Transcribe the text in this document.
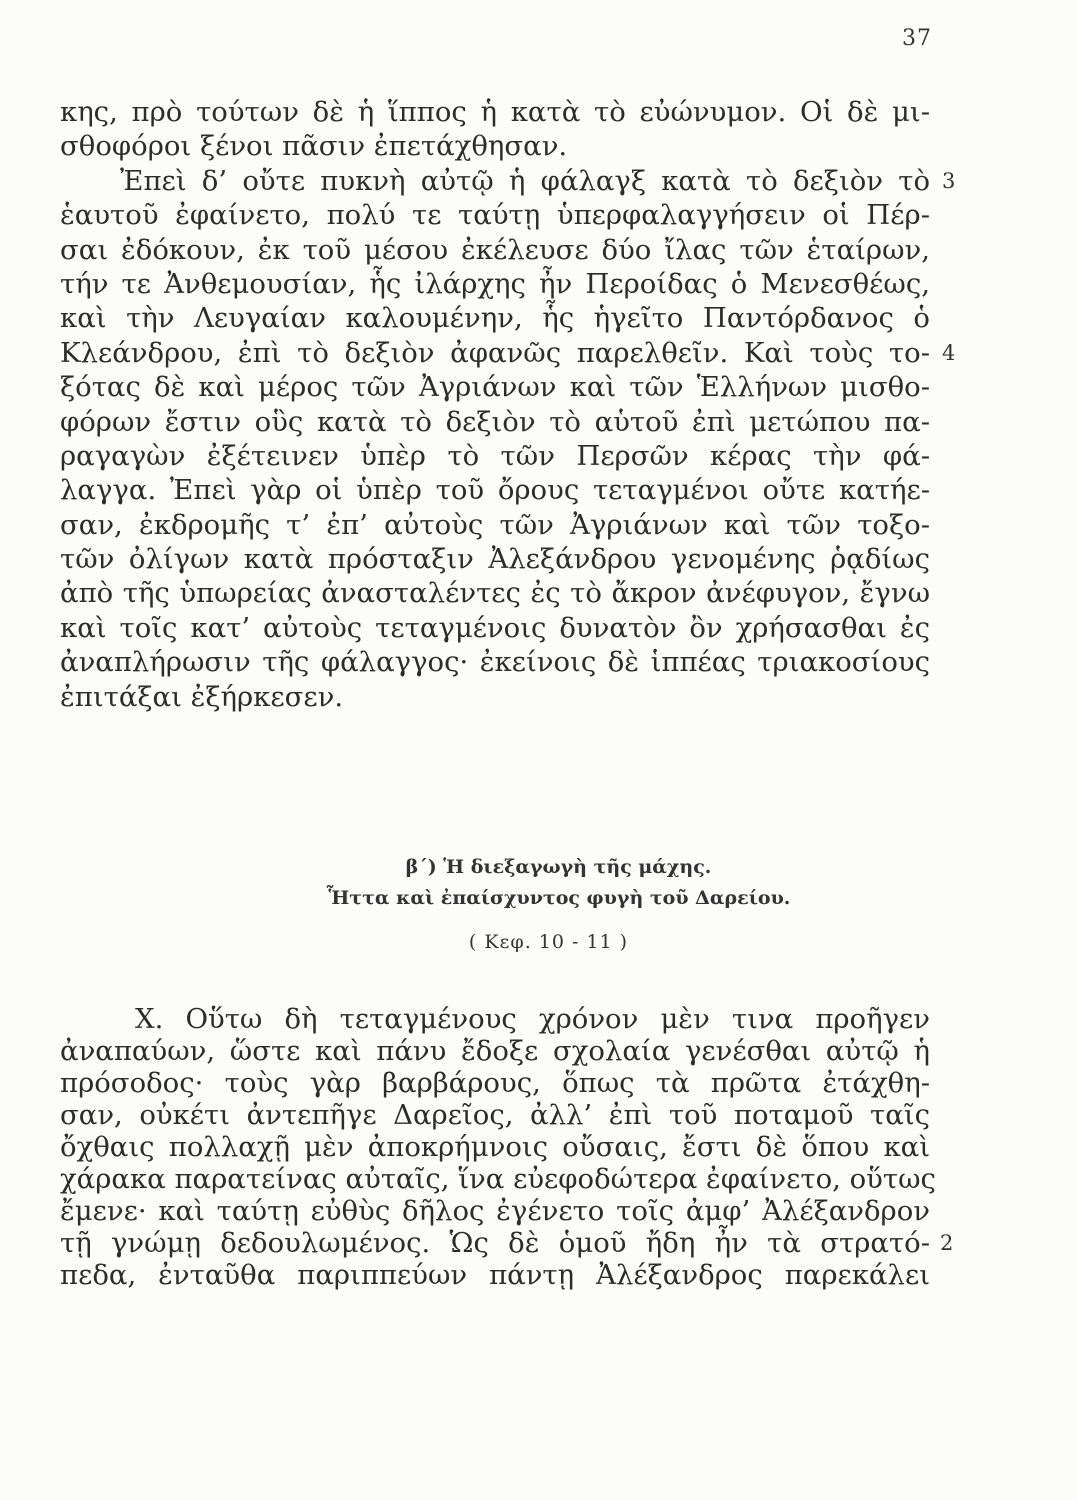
37
κης, πρὸ τούτων δὲ ἡ ἵππος ἡ κατὰ τὸ εὐώνυμον. Οἱ δὲ μι-
σθοφόροι ξένοι πᾶσιν ἐπετάχθησαν.
Ἐπεὶ δ’ οὔτε πυκνὴ αὐτῷ ἡ φάλαγξ κατὰ τὸ δεξιὸν τὸ 3
ἑαυτοῦ ἐφαίνετο, πολύ τε ταύτῃ ὑπερφαλαγγήσειν οἱ Πέρ-
σαι ἐδόκουν, ἐκ τοῦ μέσου ἐκέλευσε δύο ἴλας τῶν ἑταίρων,
τήν τε Ἀνθεμουσίαν, ἧς ἰλάρχης ἦν Περοίδας ὁ Μενεσθέως,
καὶ τὴν Λευγαίαν καλουμένην, ἧς ἡγεῖτο Παντόρδανος ὁ
Κλεάνδρου, ἐπὶ τὸ δεξιὸν ἀφανῶς παρελθεῖν. Καὶ τοὺς το- 4
ξότας δὲ καὶ μέρος τῶν Ἀγριάνων καὶ τῶν Ἑλλήνων μισθο-
φόρων ἔστιν οὓς κατὰ τὸ δεξιὸν τὸ αὑτοῦ ἐπὶ μετώπου πα-
ραγαγὼν ἐξέτεινεν ὑπὲρ τὸ τῶν Περσῶν κέρας τὴν φά-
λαγγα. Ἐπεὶ γὰρ οἱ ὑπὲρ τοῦ ὄρους τεταγμένοι οὔτε κατήε-
σαν, ἐκδρομῆς τ’ ἐπ’ αὐτοὺς τῶν Ἀγριάνων καὶ τῶν τοξο-
τῶν ὀλίγων κατὰ πρόσταξιν Ἀλεξάνδρου γενομένης ῥᾳδίως
ἀπὸ τῆς ὑπωρείας ἀνασταλέντες ἐς τὸ ἄκρον ἀνέφυγον, ἔγνω
καὶ τοῖς κατ’ αὐτοὺς τεταγμένοις δυνατὸν ὂν χρήσασθαι ἐς
ἀναπλήρωσιν τῆς φάλαγγος· ἐκείνοις δὲ ἱππέας τριακοσίους
ἐπιτάξαι ἐξήρκεσεν.
β΄) Ἡ διεξαγωγὴ τῆς μάχης.
Ἧττα καὶ ἐπαίσχυντος φυγὴ τοῦ Δαρείου.
( Κεφ. 10 - 11 )
X. Οὕτω δὴ τεταγμένους χρόνον μὲν τινα προῆγεν
ἀναπαύων, ὥστε καὶ πάνυ ἔδοξε σχολαία γενέσθαι αὐτῷ ἡ
πρόσοδος· τοὺς γὰρ βαρβάρους, ὅπως τὰ πρῶτα ἐτάχθη-
σαν, οὐκέτι ἀντεπῆγε Δαρεῖος, ἀλλ’ ἐπὶ τοῦ ποταμοῦ ταῖς
ὄχθαις πολλαχῇ μὲν ἀποκρήμνοις οὔσαις, ἔστι δὲ ὅπου καὶ
χάρακα παρατείνας αὐταῖς, ἵνα εὐεφοδώτερα ἐφαίνετο, οὕτως
ἔμενε· καὶ ταύτῃ εὐθὺς δῆλος ἐγένετο τοῖς ἀμφ’ Ἀλέξανδρον
τῇ γνώμῃ δεδουλωμένος. Ὡς δὲ ὁμοῦ ἤδη ἦν τὰ στρατό- 2
πεδα, ἐνταῦθα παριππεύων πάντῃ Ἀλέξανδρος παρεκάλει
